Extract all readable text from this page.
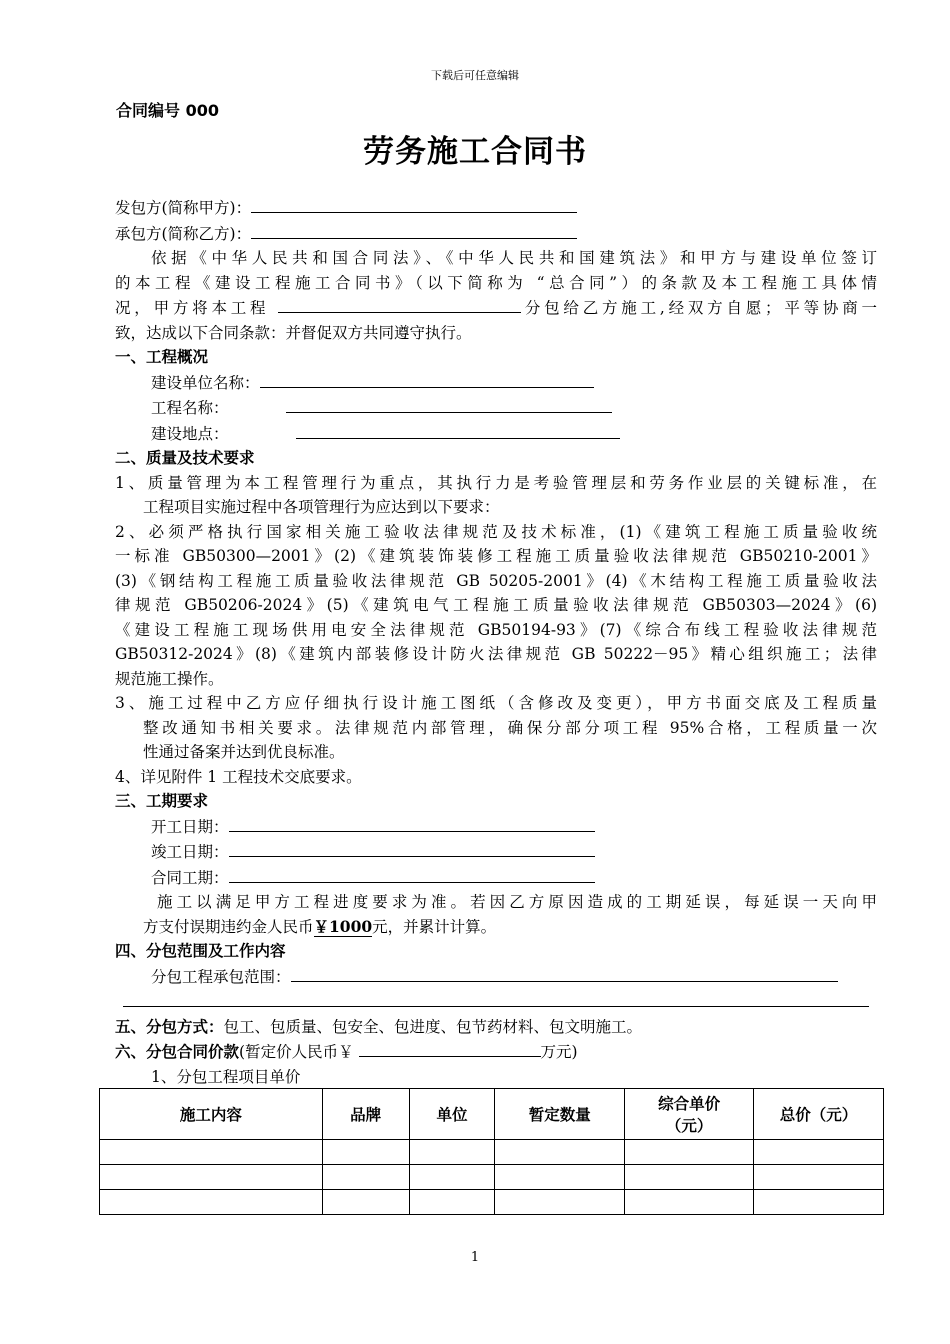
下载后可任意编辑
合同编号 000
劳务施工合同书
发包方(简称甲方)：
承包方(简称乙方)：
依据《中华人民共和国合同法》、《中华人民共和国建筑法》和甲方与建设单位签订
的本工程《建设工程施工合同书》（以下简称为 “总合同”）的条款及本工程施工具体情
况，甲方将本工程	分包给乙方施工,经双方自愿；平等协商一
致，达成以下合同条款：并督促双方共同遵守执行。
一、工程概况
建设单位名称：
工程名称：
建设地点：
二、质量及技术要求
1、质量管理为本工程管理行为重点，其执行力是考验管理层和劳务作业层的关键标准，在
工程项目实施过程中各项管理行为应达到以下要求：
2、必须严格执行国家相关施工验收法律规范及技术标准，(1)《建筑工程施工质量验收统
一标准 GB50300—2001》(2)《建筑装饰装修工程施工质量验收法律规范 GB50210-2001》
(3)《钢结构工程施工质量验收法律规范 GB 50205-2001》(4)《木结构工程施工质量验收法
律规范 GB50206-2024》(5)《建筑电气工程施工质量验收法律规范 GB50303—2024》(6)
《建设工程施工现场供用电安全法律规范 GB50194-93》(7)《综合布线工程验收法律规范
GB50312-2024》(8)《建筑内部装修设计防火法律规范 GB 50222－95》精心组织施工；法律
规范施工操作。
3、施工过程中乙方应仔细执行设计施工图纸（含修改及变更），甲方书面交底及工程质量
整改通知书相关要求。法律规范内部管理，确保分部分项工程 95%合格，工程质量一次
性通过备案并达到优良标准。
4、详见附件 1 工程技术交底要求。
三、工期要求
开工日期：
竣工日期：
合同工期：
施工以满足甲方工程进度要求为准。若因乙方原因造成的工期延误，每延误一天向甲
方支付误期违约金人民币￥1000元，并累计计算。
四、分包范围及工作内容
分包工程承包范围：
五、分包方式：包工、包质量、包安全、包进度、包节药材料、包文明施工。
六、分包合同价款(暂定价人民币￥	万元)
1、分包工程项目单价
施工内容	品牌	单位	暂定数量	综合单价（元）	总价（元）

1
